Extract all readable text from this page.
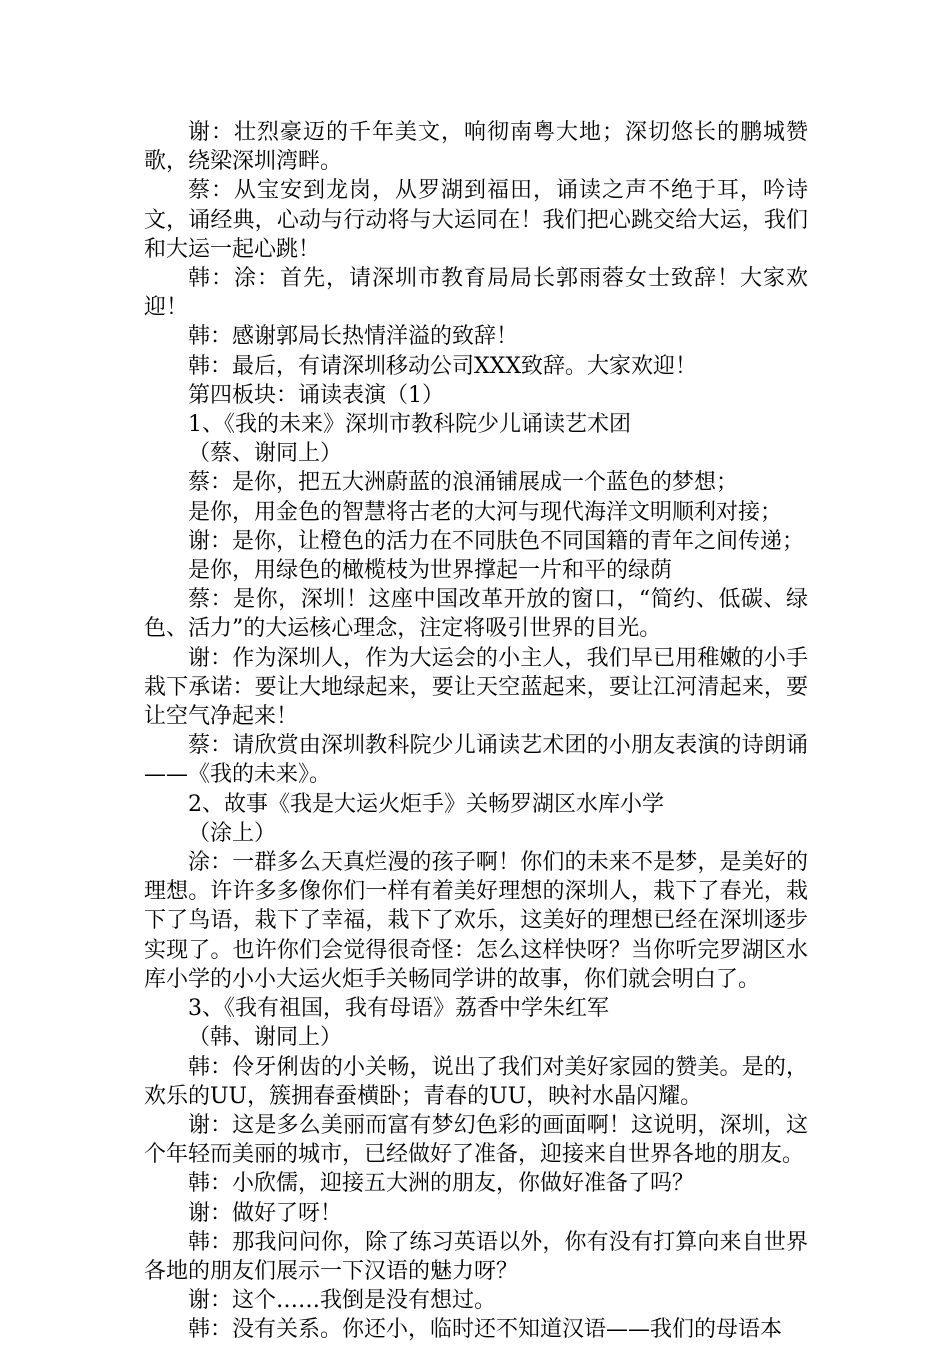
谢：壮烈豪迈的千年美文，响彻南粤大地；深切悠长的鹏城赞歌，绕梁深圳湾畔。

蔡：从宝安到龙岗，从罗湖到福田，诵读之声不绝于耳，吟诗文，诵经典，心动与行动将与大运同在！我们把心跳交给大运，我们和大运一起心跳！

韩：涂：首先，请深圳市教育局局长郭雨蓉女士致辞！大家欢迎！

韩：感谢郭局长热情洋溢的致辞！

韩：最后，有请深圳移动公司XXX致辞。大家欢迎！

第四板块：诵读表演（1）

1、《我的未来》深圳市教科院少儿诵读艺术团

（蔡、谢同上）

蔡：是你，把五大洲蔚蓝的浪涌铺展成一个蓝色的梦想；

是你，用金色的智慧将古老的大河与现代海洋文明顺利对接；

谢：是你，让橙色的活力在不同肤色不同国籍的青年之间传递；

是你，用绿色的橄榄枝为世界撑起一片和平的绿荫

蔡：是你，深圳！这座中国改革开放的窗口，“简约、低碳、绿色、活力”的大运核心理念，注定将吸引世界的目光。

谢：作为深圳人，作为大运会的小主人，我们早已用稚嫩的小手栽下承诺：要让大地绿起来，要让天空蓝起来，要让江河清起来，要让空气净起来！

蔡：请欣赏由深圳教科院少儿诵读艺术团的小朋友表演的诗朗诵——《我的未来》。

2、故事《我是大运火炬手》关畅罗湖区水库小学

（涂上）

涂：一群多么天真烂漫的孩子啊！你们的未来不是梦，是美好的理想。许许多多像你们一样有着美好理想的深圳人，栽下了春光，栽下了鸟语，栽下了幸福，栽下了欢乐，这美好的理想已经在深圳逐步实现了。也许你们会觉得很奇怪：怎么这样快呀？当你听完罗湖区水库小学的小小大运火炬手关畅同学讲的故事，你们就会明白了。

3、《我有祖国，我有母语》荔香中学朱红军

（韩、谢同上）

韩：伶牙俐齿的小关畅，说出了我们对美好家园的赞美。是的，欢乐的UU，簇拥春蚕横卧；青春的UU，映衬水晶闪耀。

谢：这是多么美丽而富有梦幻色彩的画面啊！这说明，深圳，这个年轻而美丽的城市，已经做好了准备，迎接来自世界各地的朋友。

韩：小欣儒，迎接五大洲的朋友，你做好准备了吗？

谢：做好了呀！

韩：那我问问你，除了练习英语以外，你有没有打算向来自世界各地的朋友们展示一下汉语的魅力呀？

谢：这个……我倒是没有想过。

韩：没有关系。你还小，临时还不知道汉语——我们的母语本
